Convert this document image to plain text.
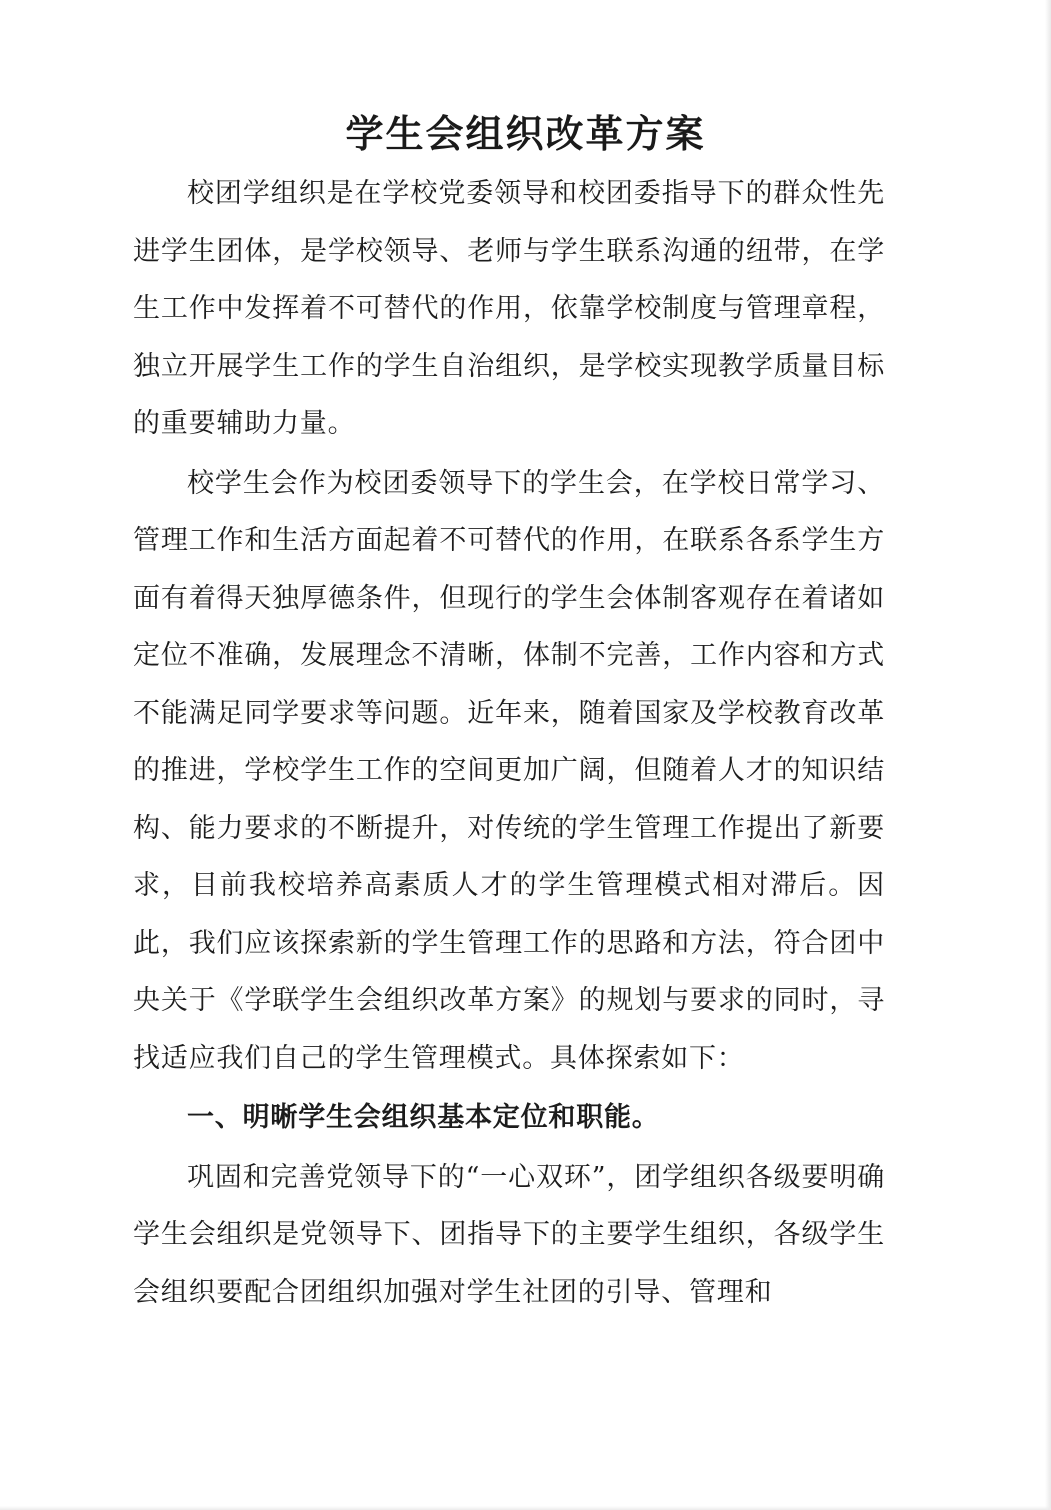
学生会组织改革方案

校团学组织是在学校党委领导和校团委指导下的群众性先进学生团体，是学校领导、老师与学生联系沟通的纽带，在学生工作中发挥着不可替代的作用，依靠学校制度与管理章程，独立开展学生工作的学生自治组织，是学校实现教学质量目标的重要辅助力量。

校学生会作为校团委领导下的学生会，在学校日常学习、管理工作和生活方面起着不可替代的作用，在联系各系学生方面有着得天独厚德条件，但现行的学生会体制客观存在着诸如定位不准确，发展理念不清晰，体制不完善，工作内容和方式不能满足同学要求等问题。近年来，随着国家及学校教育改革的推进，学校学生工作的空间更加广阔，但随着人才的知识结构、能力要求的不断提升，对传统的学生管理工作提出了新要求，目前我校培养高素质人才的学生管理模式相对滞后。因此，我们应该探索新的学生管理工作的思路和方法，符合团中央关于《学联学生会组织改革方案》的规划与要求的同时，寻找适应我们自己的学生管理模式。具体探索如下：

一、明晰学生会组织基本定位和职能。

巩固和完善党领导下的“一心双环”，团学组织各级要明确学生会组织是党领导下、团指导下的主要学生组织，各级学生会组织要配合团组织加强对学生社团的引导、管理和
